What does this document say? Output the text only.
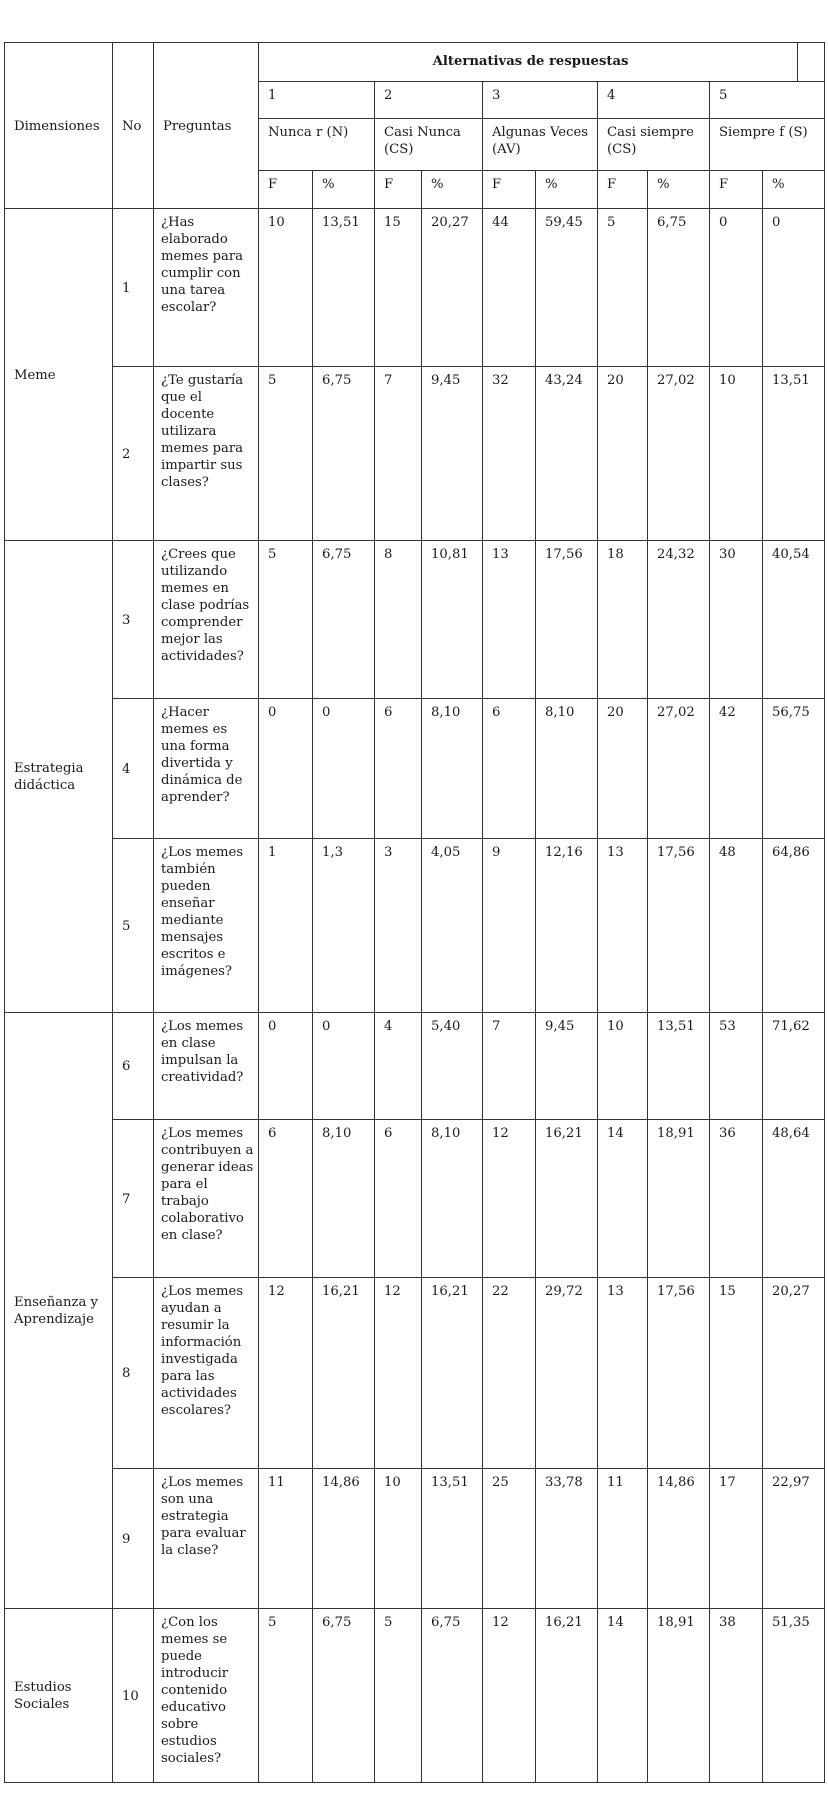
Dimensiones	No	Preguntas	Alternativas de respuestas											
			1		2		3		4		5			
			Nunca r (N)		Casi Nunca (CS)		Algunas Veces (AV)		Casi siempre (CS)		Siempre f (S)			
			F	%	F	%	F	%	F	%	F	%		
Meme	1	¿Has elaborado memes para cumplir con una tarea escolar?	10	13,51	15	20,27	44	59,45	5	6,75	0	0		
	2	¿Te gustaría que el docente utilizara memes para impartir sus clases?	5	6,75	7	9,45	32	43,24	20	27,02	10	13,51		
Estrategia didáctica	3	¿Crees que utilizando memes en clase podrías comprender mejor las actividades?	5	6,75	8	10,81	13	17,56	18	24,32	30	40,54		
	4	¿Hacer memes es una forma divertida y dinámica de aprender?	0	0	6	8,10	6	8,10	20	27,02	42	56,75		
	5	¿Los memes también pueden enseñar mediante mensajes escritos e imágenes?	1	1,3	3	4,05	9	12,16	13	17,56	48	64,86		
Enseñanza y Aprendizaje	6	¿Los memes en clase impulsan la creatividad?	0	0	4	5,40	7	9,45	10	13,51	53	71,62		
	7	¿Los memes contribuyen a generar ideas para el trabajo colaborativo en clase?	6	8,10	6	8,10	12	16,21	14	18,91	36	48,64		
	8	¿Los memes ayudan a resumir la información investigada para las actividades escolares?	12	16,21	12	16,21	22	29,72	13	17,56	15	20,27		
	9	¿Los memes son una estrategia para evaluar la clase?	11	14,86	10	13,51	25	33,78	11	14,86	17	22,97		
Estudios Sociales	10	¿Con los memes se puede introducir contenido educativo sobre estudios sociales?	5	6,75	5	6,75	12	16,21	14	18,91	38	51,35		
